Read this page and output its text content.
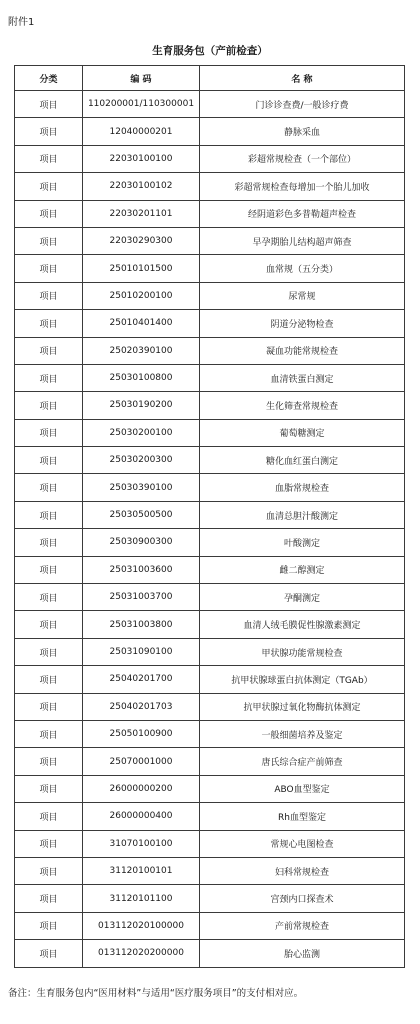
附件1
生育服务包（产前检查）
分类	编 码	名 称
项目	110200001/110300001	门诊诊查费/一般诊疗费
项目	12040000201	静脉采血
项目	22030100100	彩超常规检查（一个部位）
项目	22030100102	彩超常规检查每增加一个胎儿加收
项目	22030201101	经阴道彩色多普勒超声检查
项目	22030290300	早孕期胎儿结构超声筛查
项目	25010101500	血常规（五分类）
项目	25010200100	尿常规
项目	25010401400	阴道分泌物检查
项目	25020390100	凝血功能常规检查
项目	25030100800	血清铁蛋白测定
项目	25030190200	生化筛查常规检查
项目	25030200100	葡萄糖测定
项目	25030200300	糖化血红蛋白测定
项目	25030390100	血脂常规检查
项目	25030500500	血清总胆汁酸测定
项目	25030900300	叶酸测定
项目	25031003600	雌二醇测定
项目	25031003700	孕酮测定
项目	25031003800	血清人绒毛膜促性腺激素测定
项目	25031090100	甲状腺功能常规检查
项目	25040201700	抗甲状腺球蛋白抗体测定（TGAb）
项目	25040201703	抗甲状腺过氧化物酶抗体测定
项目	25050100900	一般细菌培养及鉴定
项目	25070001000	唐氏综合症产前筛查
项目	26000000200	ABO血型鉴定
项目	26000000400	Rh血型鉴定
项目	31070100100	常规心电图检查
项目	31120100101	妇科常规检查
项目	31120101100	宫颈内口探查术
项目	013112020100000	产前常规检查
项目	013112020200000	胎心监测
备注：生育服务包内“医用材料”与适用“医疗服务项目”的支付相对应。
